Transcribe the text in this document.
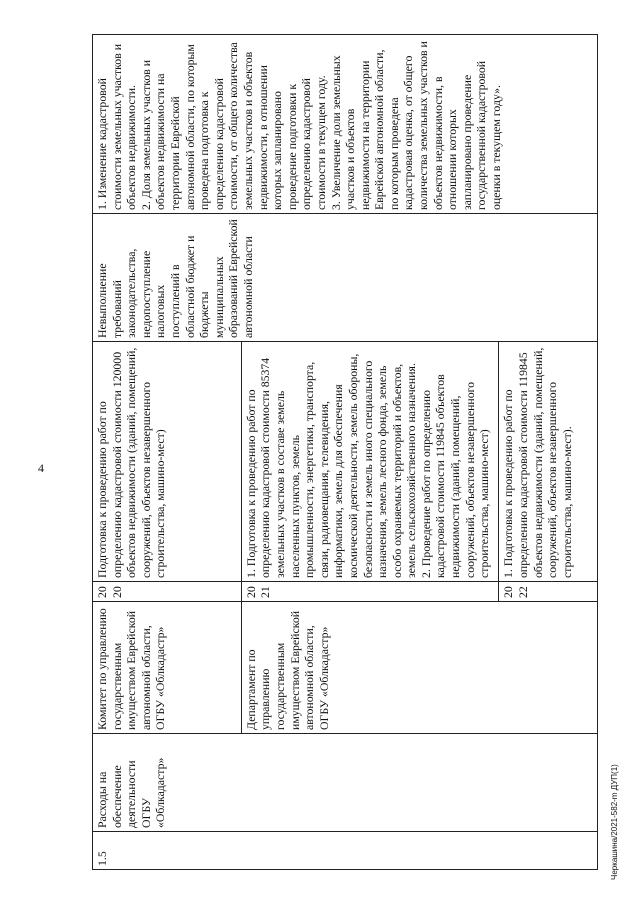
4
Черкашина/2021-582-m ДУП(1)
1.5	Расходы на обеспечение деятельности ОГБУ «Облкадастр»	Комитет по управлению государственным имуществом Еврейской автономной области, ОГБУ «Облкадастр»	2020	Подготовка к проведению работ по определению кадастровой стоимости 120000 объектов недвижимости (зданий, помещений, сооружений, объектов незавершенного строительства, машино-мест)	Невыполнение требований законодательства, недопоступление налоговых поступлений в областной бюджет и бюджеты муниципальных образований Еврейской автономной области	1. Изменение кадастровой стоимости земельных участков и объектов недвижимости.
2. Доля земельных участков и объектов недвижимости на территории Еврейской автономной области, по которым проведена подготовка к определению кадастровой стоимости, от общего количества земельных участков и объектов недвижимости, в отношении которых запланировано проведение подготовки к определению кадастровой стоимости в текущем году.
3. Увеличение доли земельных участков и объектов недвижимости на территории Еврейской автономной области, по которым проведена кадастровая оценка, от общего количества земельных участков и объектов недвижимости, в отношении которых запланировано проведение государственной кадастровой оценки в текущем году».
		Департамент по управлению государственным имуществом Еврейской автономной области, ОГБУ «Облкадастр»	2021	1. Подготовка к проведению работ по определению кадастровой стоимости 85374 земельных участков в составе земель населенных пунктов, земель промышленности, энергетики, транспорта, связи, радиовещания, телевидения, информатики, земель для обеспечения космической деятельности, земель обороны, безопасности и земель иного специального назначения, земель лесного фонда, земель особо охраняемых территорий и объектов, земель сельскохозяйственного назначения.
2. Проведение работ по определению кадастровой стоимости 119845 объектов недвижимости (зданий, помещений, сооружений, объектов незавершенного строительства, машино-мест)		
			2022	1. Подготовка к проведению работ по определению кадастровой стоимости 119845 объектов недвижимости (зданий, помещений, сооружений, объектов незавершенного строительства, машино-мест).		
